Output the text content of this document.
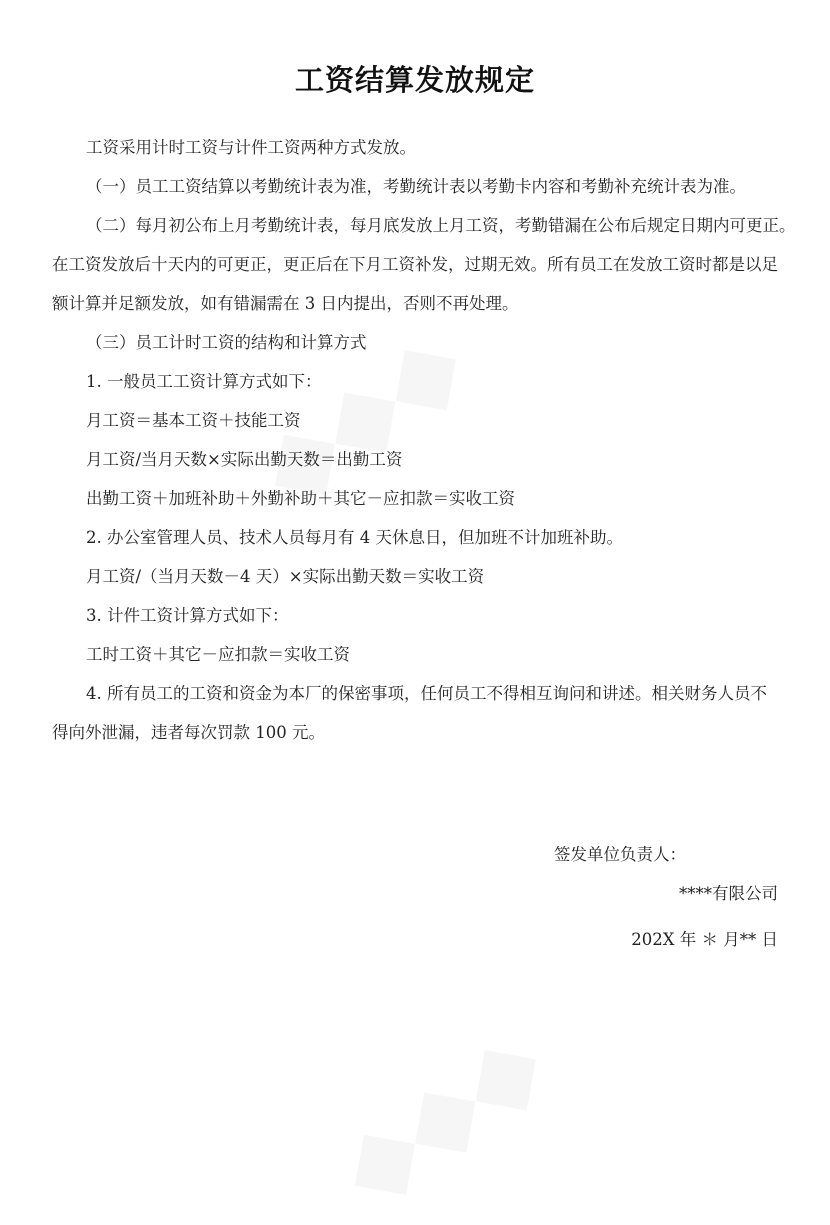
工资结算发放规定
工资采用计时工资与计件工资两种方式发放。
（一）员工工资结算以考勤统计表为准，考勤统计表以考勤卡内容和考勤补充统计表为准。
（二）每月初公布上月考勤统计表，每月底发放上月工资，考勤错漏在公布后规定日期内可更正。
在工资发放后十天内的可更正，更正后在下月工资补发，过期无效。所有员工在发放工资时都是以足
额计算并足额发放，如有错漏需在 3 日内提出，否则不再处理。
（三）员工计时工资的结构和计算方式
1. 一般员工工资计算方式如下：
月工资＝基本工资＋技能工资
月工资/当月天数×实际出勤天数＝出勤工资
出勤工资＋加班补助＋外勤补助＋其它－应扣款＝实收工资
2. 办公室管理人员、技术人员每月有 4 天休息日，但加班不计加班补助。
月工资/（当月天数－4 天）×实际出勤天数＝实收工资
3. 计件工资计算方式如下：
工时工资＋其它－应扣款＝实收工资
4. 所有员工的工资和资金为本厂的保密事项，任何员工不得相互询问和讲述。相关财务人员不
得向外泄漏，违者每次罚款 100 元。
签发单位负责人：
****有限公司
202X 年 ＊ 月** 日
